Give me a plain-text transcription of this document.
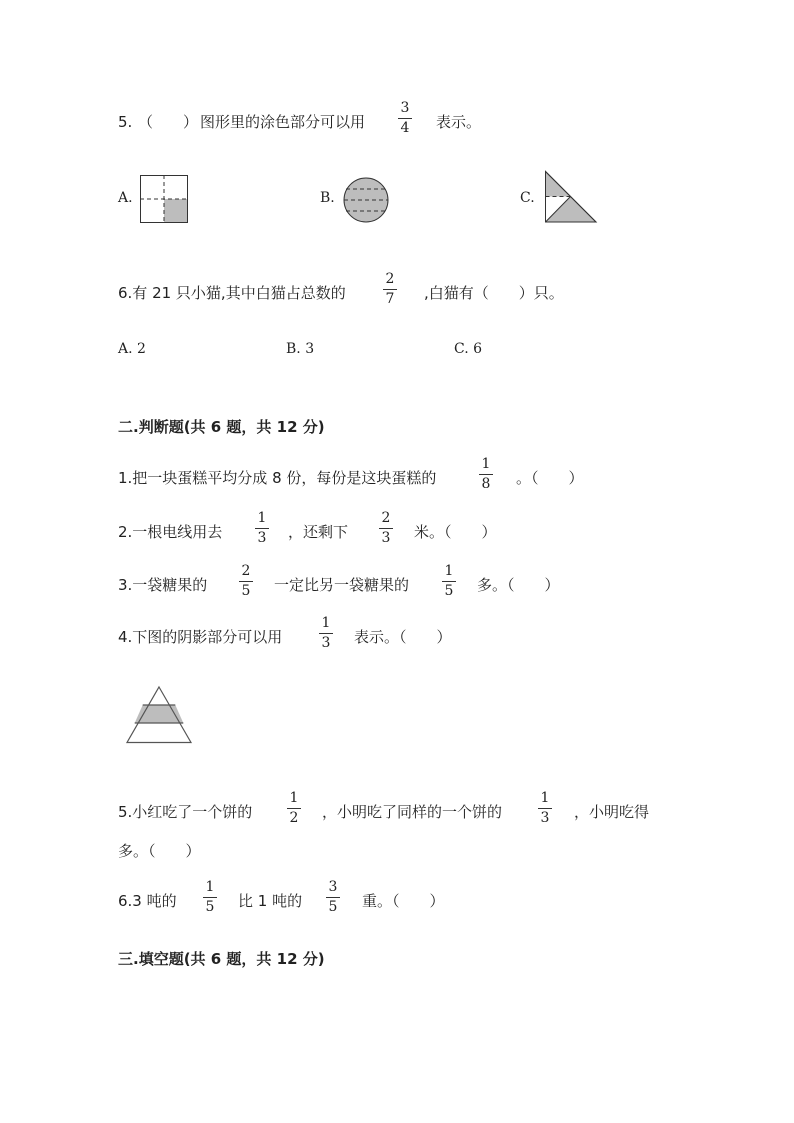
5. （　　） 图形里的涂色部分可以用
3
4	表示。
A.	B.	C.
6.有 21 只小猫,其中白猫占总数的
2
7	,白猫有（　　）只。
A. 2	B. 3	C. 6
二.判断题(共 6 题，共 12 分)
1.把一块蛋糕平均分成 8 份，每份是这块蛋糕的
1
8	。（　　）
2.一根电线用去
1
3	，还剩下
2
3	米。（　　）
3.一袋糖果的
2
5	一定比另一袋糖果的
1
5	多。（　　）
4.下图的阴影部分可以用
1
3	表示。（　　）
5.小红吃了一个饼的
1
2	，小明吃了同样的一个饼的
1
3	，小明吃得
多。（　　）
6.3 吨的
1
5	比 1 吨的
3
5	重。（　　）
三.填空题(共 6 题，共 12 分)
